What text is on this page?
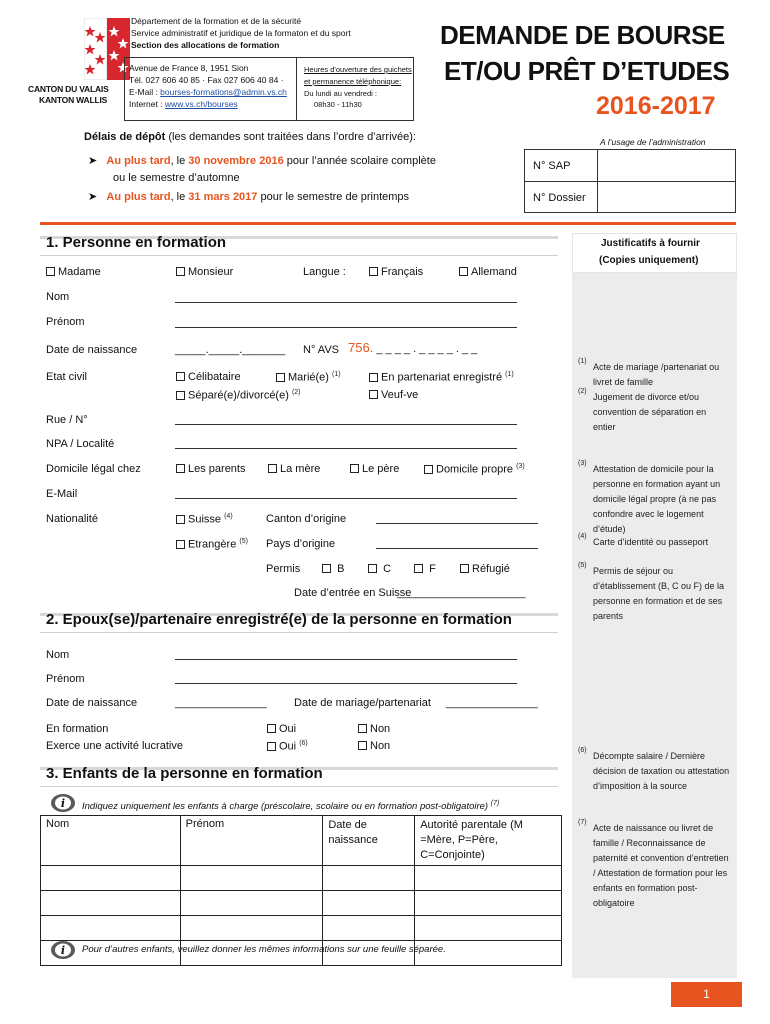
CANTON DU VALAIS
KANTON WALLIS
Département de la formation et de la sécurité
Service administratif et juridique de la formaton et du sport
Section des allocations de formation
Avenue de France 8, 1951 Sion
Tél. 027 606 40 85 · Fax 027 606 40 84 ·
E-Mail : bourses-formations@admin.vs.ch
Internet : www.vs.ch/bourses
Heures d'ouverture des guichets
et permanence téléphonique:
Du lundi au vendredi :
08h30 - 11h30
DEMANDE DE BOURSE
ET/OU PRÊT D’ETUDES
2016-2017
Délais de dépôt (les demandes sont traitées dans l’ordre d’arrivée):
➤ Au plus tard, le 30 novembre 2016 pour l’année scolaire complète
ou le semestre d’automne
➤ Au plus tard, le 31 mars 2017 pour le semestre de printemps
A l’usage de l’administration
N° SAP
N° Dossier
Justificatifs à fournir
(Copies uniquement)
(1)
Acte de mariage /partenariat ou livret de famille
(2)
Jugement de divorce et/ou convention de séparation en entier
(3)
Attestation de domicile pour la personne en formation ayant un domicile légal propre (à ne pas confondre avec le logement d’étude)
(4)
Carte d’identité ou passeport
(5)
Permis de séjour ou d’établissement (B, C ou F) de la personne en formation et de ses parents
(6)
Décompte salaire / Dernière décision de taxation ou attestation d’imposition à la source
(7)
Acte de naissance ou livret de famille / Reconnaissance de paternité et convention d’entretien / Attestation de formation pour les enfants en formation post-obligatoire
1. Personne en formation
Madame	Monsieur	Langue :	Français	Allemand
Nom
Prénom
Date de naissance	_____._____._______ N° AVS 756. _ _ _ _ . _ _ _ _ . _ _
Etat civil	Célibataire	Marié(e) $^{(1)}$	En partenariat enregistré $^{(1)}$
Séparé(e)/divorcé(e) $^{(2)}$	Veuf-ve
Rue / N°
NPA / Localité
Domicile légal chez	Les parents	La mère	Le père	Domicile propre $^{(3)}$
E-Mail
Nationalité	Suisse $^{(4)}$	Canton d’origine
Etrangère $^{(5)}$ Pays d’origine
Permis	B	C	F	Réfugié
Date d’entrée en Suisse
_____________________
2. Epoux(se)/partenaire enregistré(e) de la personne en formation
Nom
Prénom
Date de naissance	_______________ Date de mariage/partenariat _______________
En formation	Oui	Non
Exerce une activité lucrative	Oui $^{(6)}$	Non
3. Enfants de la personne en formation
i Indiquez uniquement les enfants à charge (préscolaire, scolaire ou en formation post-obligatoire) $^{(7)}$
Nom	Prénom	Date de naissance	Autorité parentale (M =Mère, P=Père, C=Conjointe)

i Pour d’autres enfants, veuillez donner les mêmes informations sur une feuille séparée.
1
